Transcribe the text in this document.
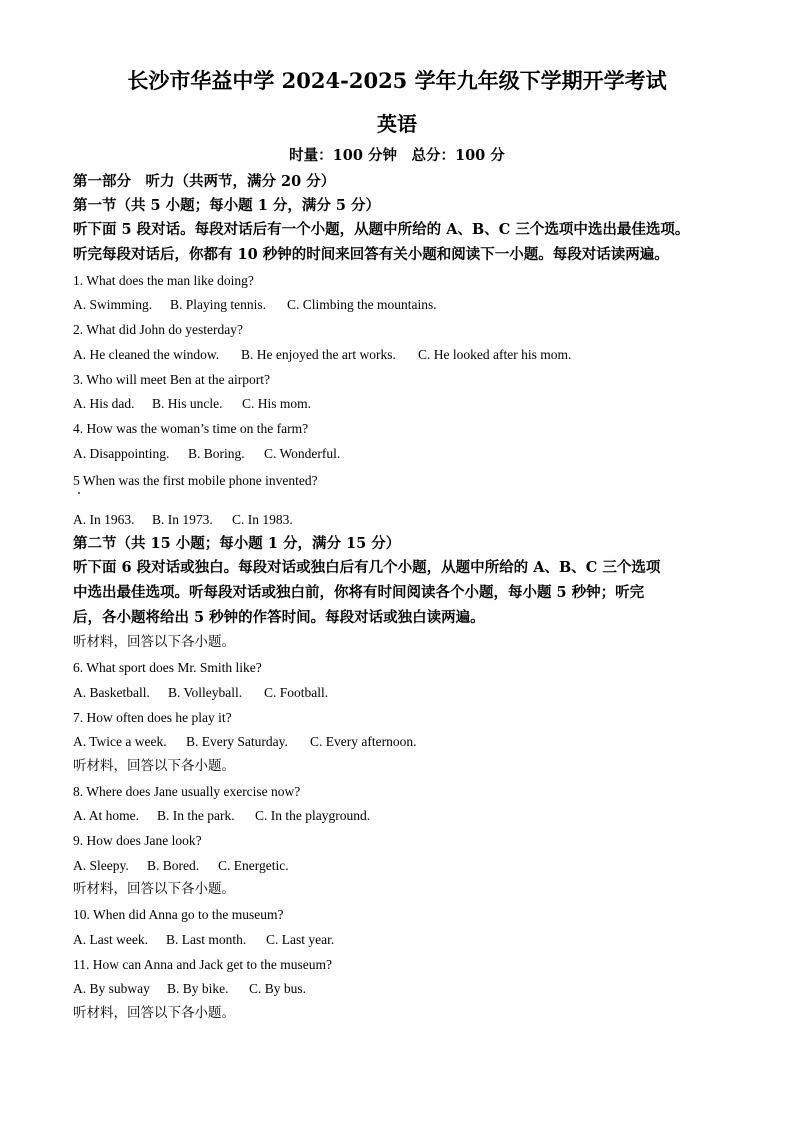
长沙市华益中学 2024-2025 学年九年级下学期开学考试
英语
时量：100 分钟　总分：100 分
第一部分　听力（共两节，满分 20 分）
第一节（共 5 小题；每小题 1 分，满分 5 分）
听下面 5 段对话。每段对话后有一个小题，从题中所给的 A、B、C 三个选项中选出最佳选项。
听完每段对话后，你都有 10 秒钟的时间来回答有关小题和阅读下一小题。每段对话读两遍。
1. What does the man like doing?
A. Swimming. B. Playing tennis. C. Climbing the mountains.
2. What did John do yesterday?
A. He cleaned the window. B. He enjoyed the art works. C. He looked after his mom.
3. Who will meet Ben at the airport?
A. His dad. B. His uncle. C. His mom.
4. How was the woman’s time on the farm?
A. Disappointing. B. Boring. C. Wonderful.
5 When was the first mobile phone invented?
A. In 1963. B. In 1973. C. In 1983.
第二节（共 15 小题；每小题 1 分，满分 15 分）
听下面 6 段对话或独白。每段对话或独白后有几个小题，从题中所给的 A、B、C 三个选项
中选出最佳选项。听每段对话或独白前，你将有时间阅读各个小题，每小题 5 秒钟；听完
后，各小题将给出 5 秒钟的作答时间。每段对话或独白读两遍。
听材料，回答以下各小题。
6. What sport does Mr. Smith like?
A. Basketball. B. Volleyball. C. Football.
7. How often does he play it?
A. Twice a week. B. Every Saturday. C. Every afternoon.
听材料，回答以下各小题。
8. Where does Jane usually exercise now?
A. At home. B. In the park. C. In the playground.
9. How does Jane look?
A. Sleepy. B. Bored. C. Energetic.
听材料，回答以下各小题。
10. When did Anna go to the museum?
A. Last week. B. Last month. C. Last year.
11. How can Anna and Jack get to the museum?
A. By subway B. By bike. C. By bus.
听材料，回答以下各小题。
